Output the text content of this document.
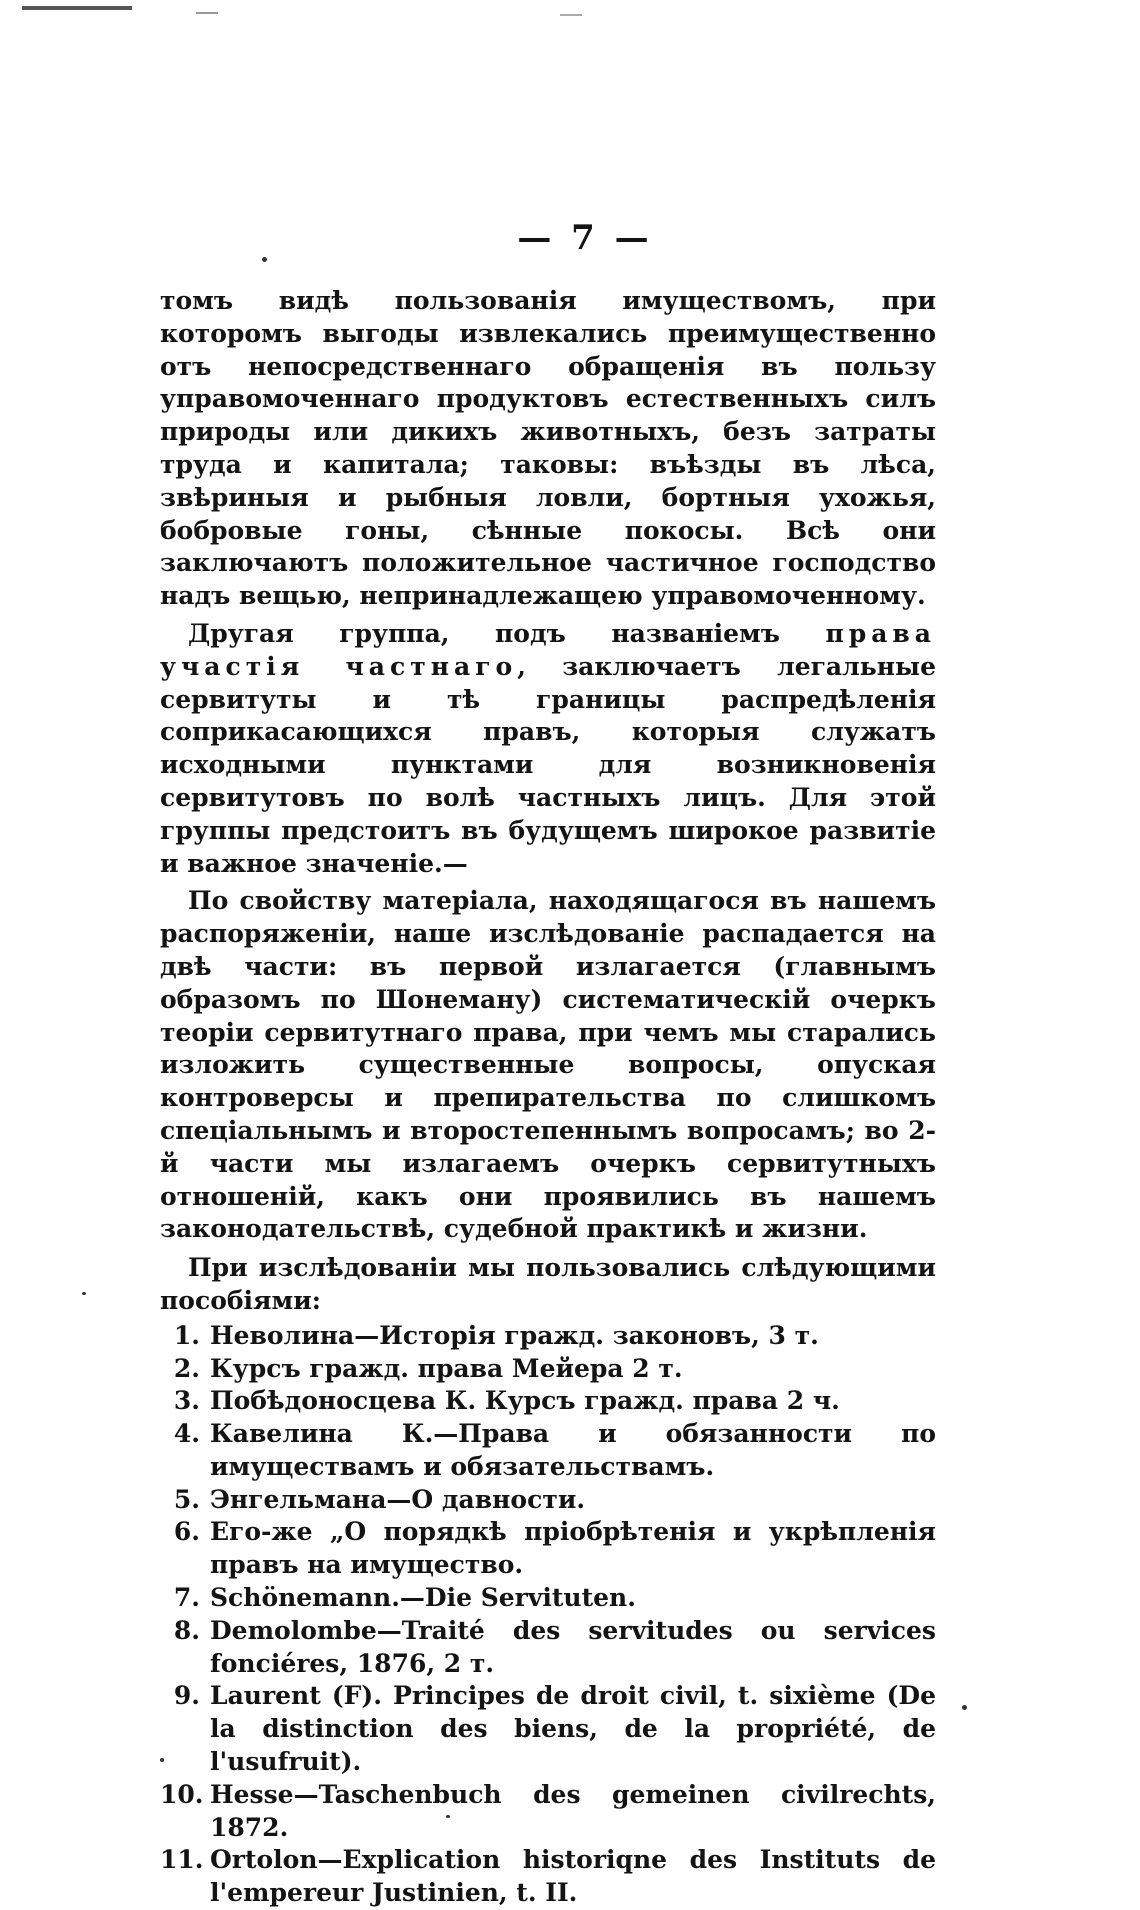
— 7 —

томъ видѣ пользованія имуществомъ, при которомъ выгоды извлекались преимущественно отъ непосредственнаго обращенія въ пользу управомоченнаго продуктовъ естественныхъ силъ природы или дикихъ животныхъ, безъ затраты труда и капитала; таковы: въѣзды въ лѣса, звѣриныя и рыбныя ловли, бортныя ухожья, бобровые гоны, сѣнные покосы. Всѣ они заключаютъ положительное частичное господство надъ вещью, непринадлежащею управомоченному.

Другая группа, подъ названіемъ права участія частнаго, заключаетъ легальные сервитуты и тѣ границы распредѣленія соприкасающихся правъ, которыя служатъ исходными пунктами для возникновенія сервитутовъ по волѣ частныхъ лицъ. Для этой группы предстоитъ въ будущемъ широкое развитіе и важное значеніе.—

По свойству матеріала, находящагося въ нашемъ распоряженіи, наше изслѣдованіе распадается на двѣ части: въ первой излагается (главнымъ образомъ по Шонеману) систематическій очеркъ теоріи сервитутнаго права, при чемъ мы старались изложить существенные вопросы, опуская контроверсы и препирательства по слишкомъ спеціальнымъ и второстепеннымъ вопросамъ; во 2-й части мы излагаемъ очеркъ сервитутныхъ отношеній, какъ они проявились въ нашемъ законодательствѣ, судебной практикѣ и жизни.

При изслѣдованіи мы пользовались слѣдующими пособіями:

1. Неволина—Исторія гражд. законовъ, 3 т.
2. Курсъ гражд. права Мейера 2 т.
3. Побѣдоносцева К. Курсъ гражд. права 2 ч.
4. Кавелина К.—Права и обязанности по имуществамъ и обязательствамъ.
5. Энгельмана—О давности.
6. Его-же „О порядкѣ пріобрѣтенія и укрѣпленія правъ на имущество.
7. Schönemann.—Die Servituten.
8. Demolombe—Traité des servitudes ou services fonciéres, 1876, 2 т.
9. Laurent (F). Principes de droit civil, t. sixième (De la distinction des biens, de la propriété, de l'usufruit).
10. Hesse—Taschenbuch des gemeinen civilrechts, 1872.
11. Ortolon—Explication historiqne des Instituts de l'empereur Justinien, t. II.
